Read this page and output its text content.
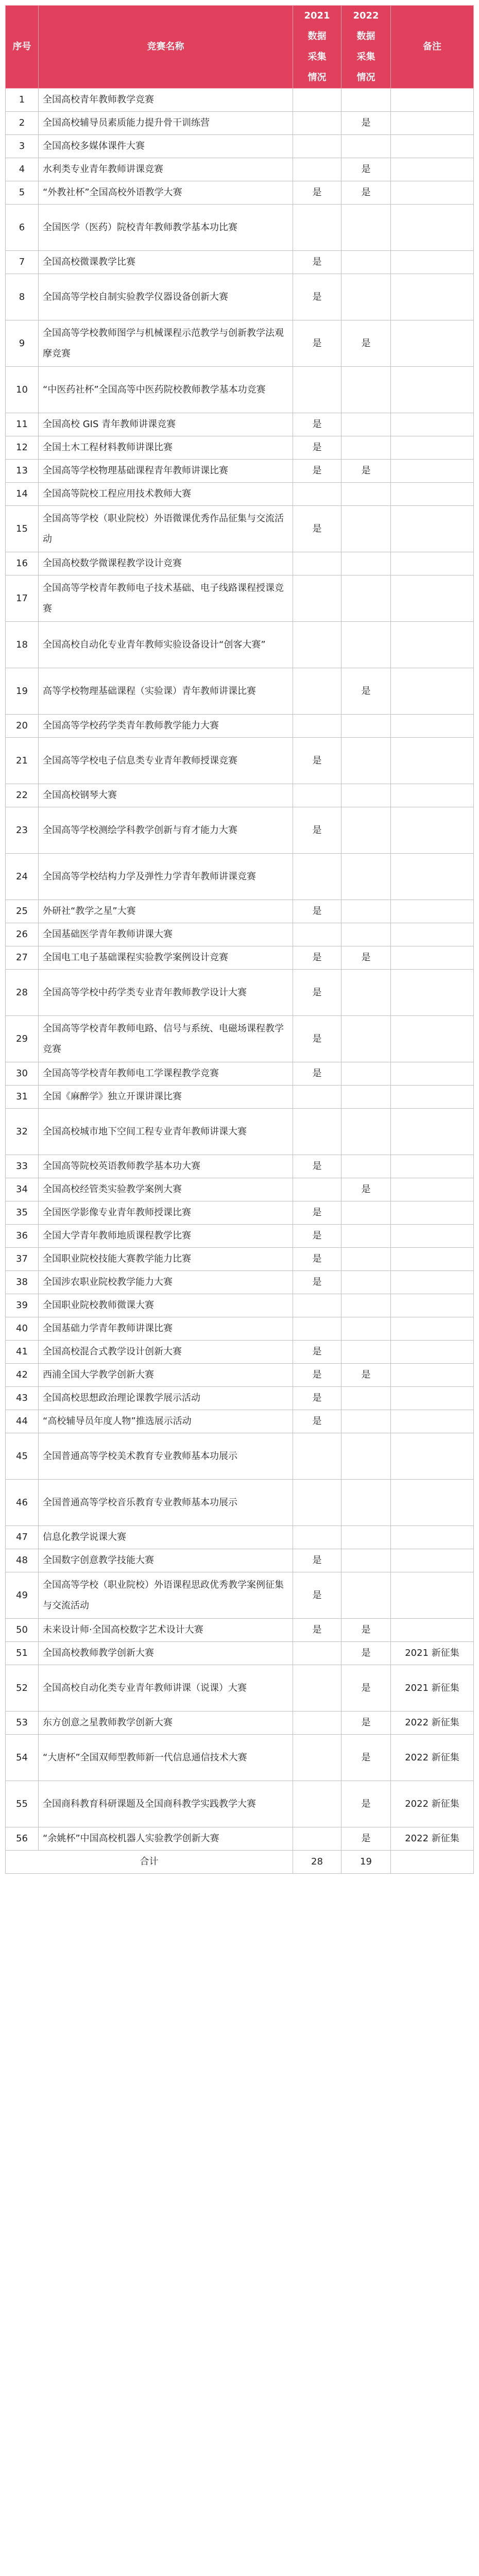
序号	竞赛名称	2021
数据
采集
情况	2022
数据
采集
情况	备注
1	全国高校青年教师教学竞赛			
2	全国高校辅导员素质能力提升骨干训练营		是	
3	全国高校多媒体课件大赛			
4	水利类专业青年教师讲课竞赛		是	
5	“外教社杯”全国高校外语教学大赛	是	是	
6	全国医学（医药）院校青年教师教学基本功比赛			
7	全国高校微课教学比赛	是		
8	全国高等学校自制实验教学仪器设备创新大赛	是		
9	全国高等学校教师图学与机械课程示范教学与创新教学法观摩竞赛	是	是	
10	“中医药社杯”全国高等中医药院校教师教学基本功竞赛			
11	全国高校 GIS 青年教师讲课竞赛	是		
12	全国土木工程材料教师讲课比赛	是		
13	全国高等学校物理基础课程青年教师讲课比赛	是	是	
14	全国高等院校工程应用技术教师大赛			
15	全国高等学校（职业院校）外语微课优秀作品征集与交流活动	是		
16	全国高校数学微课程教学设计竞赛			
17	全国高等学校青年教师电子技术基础、电子线路课程授课竞赛			
18	全国高校自动化专业青年教师实验设备设计“创客大赛”			
19	高等学校物理基础课程（实验课）青年教师讲课比赛		是	
20	全国高等学校药学类青年教师教学能力大赛			
21	全国高等学校电子信息类专业青年教师授课竞赛	是		
22	全国高校钢琴大赛			
23	全国高等学校测绘学科教学创新与育才能力大赛	是		
24	全国高等学校结构力学及弹性力学青年教师讲课竞赛			
25	外研社“教学之星”大赛	是		
26	全国基础医学青年教师讲课大赛			
27	全国电工电子基础课程实验教学案例设计竞赛	是	是	
28	全国高等学校中药学类专业青年教师教学设计大赛	是		
29	全国高等学校青年教师电路、信号与系统、电磁场课程教学竞赛	是		
30	全国高等学校青年教师电工学课程教学竞赛	是		
31	全国《麻醉学》独立开课讲课比赛			
32	全国高校城市地下空间工程专业青年教师讲课大赛			
33	全国高等院校英语教师教学基本功大赛	是		
34	全国高校经管类实验教学案例大赛		是	
35	全国医学影像专业青年教师授课比赛	是		
36	全国大学青年教师地质课程教学比赛	是		
37	全国职业院校技能大赛教学能力比赛	是		
38	全国涉农职业院校教学能力大赛	是		
39	全国职业院校教师微课大赛			
40	全国基础力学青年教师讲课比赛			
41	全国高校混合式教学设计创新大赛	是		
42	西浦全国大学教学创新大赛	是	是	
43	全国高校思想政治理论课教学展示活动	是		
44	“高校辅导员年度人物”推选展示活动	是		
45	全国普通高等学校美术教育专业教师基本功展示			
46	全国普通高等学校音乐教育专业教师基本功展示			
47	信息化教学说课大赛			
48	全国数字创意教学技能大赛	是		
49	全国高等学校（职业院校）外语课程思政优秀教学案例征集与交流活动	是		
50	未来设计师·全国高校数字艺术设计大赛	是	是	
51	全国高校教师教学创新大赛		是	2021 新征集
52	全国高校自动化类专业青年教师讲课（说课）大赛		是	2021 新征集
53	东方创意之星教师教学创新大赛		是	2022 新征集
54	“大唐杯”全国双师型教师新一代信息通信技术大赛		是	2022 新征集
55	全国商科教育科研课题及全国商科教学实践教学大赛		是	2022 新征集
56	“余姚杯”中国高校机器人实验教学创新大赛		是	2022 新征集
合计		28	19	
